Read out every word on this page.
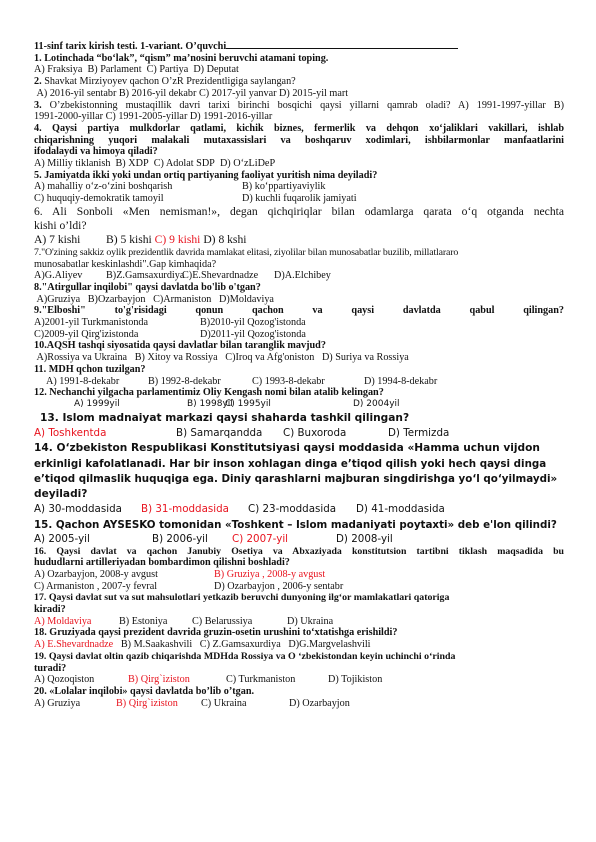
11-sinf tarix kirish testi. 1-variant. O’quvchi
1. Lotinchada “bo‘lak”, “qism” ma’nosini beruvchi atamani toping.
A) Fraksiya B) Parlament C) Partiya D) Deputat
2. Shavkat Mirziyoyev qachon O’zR Prezidentligiga saylangan?
A) 2016-yil sentabr B) 2016-yil dekabr C) 2017-yil yanvar D) 2015-yil mart
3. O’zbekistonning mustaqillik davri tarixi birinchi bosqichi qaysi yillarni qamrab oladi? A) 1991-1997-yillar B)
1991-2000-yillar C) 1991-2005-yillar D) 1991-2016-yillar
4. Qaysi partiya mulkdorlar qatlami, kichik biznes, fermerlik va dehqon xo‘jaliklari vakillari, ishlab
chiqarishning yuqori malakali mutaxassislari va boshqaruv xodimlari, ishbilarmonlar manfaatlarini
ifodalaydi va himoya qiladi?
A) Milliy tiklanish B) XDP C) Adolat SDP D) O‘zLiDeP
5. Jamiyatda ikki yoki undan ortiq partiyaning faoliyat yuritish nima deyiladi?
A) mahalliy o‘z-o‘zini boshqarish	B) ko‘ppartiyaviylik
C) huquqiy-demokratik tamoyil	D) kuchli fuqarolik jamiyati
6. Ali Sonboli «Men nemisman!», degan qichqiriqlar bilan odamlarga qarata o‘q otganda nechta
kishi o’ldi?
A) 7 kishi B) 5 kishi C) 9 kishi D) 8 kshi
7."O'zining sakkiz oylik prezidentlik davrida mamlakat elitasi, ziyolilar bilan munosabatlar buzilib, millatlararo
munosabatlar keskinlashdi".Gap kimhaqida?
A)G.Aliyev B)Z.GamsaxurdiyaC)E.Shevardnadze D)A.Elchibey
8."Atirgullar inqilobi" qaysi davlatda bo'lib o'tgan?
A)Gruziya B)Ozarbayjon C)Armaniston D)Moldaviya
9."Elboshi" to'g'risidagi qonun qachon va qaysi davlatda qabul qilingan?
A)2001-yil Turkmanistonda	B)2010-yil Qozog'istonda
C)2009-yil Qirg'izistonda	D)2011-yil Qozog'istonda
10.AQSH tashqi siyosatida qaysi davlatlar bilan taranglik mavjud?
A)Rossiya va Ukraina B) Xitoy va Rossiya C)Iroq va Afg'oniston D) Suriya va Rossiya
11. MDH qchon tuzilgan?
A) 1991-8-dekabr	B) 1992-8-dekabr	C) 1993-8-dekabr	D) 1994-8-dekabr
12. Nechanchi yilgacha parlamentimiz Oliy Kengash nomi bilan atalib kelingan?
A) 1999yil	B) 1998yilC) 1995yil	D) 2004yil
13. Islom madnaiyat markazi qaysi shaharda tashkil qilingan?
A) Toshkentda	B) Samarqandda C) Buxoroda	D) Termizda
14. O‘zbekiston Respublikasi Konstitutsiyasi qaysi moddasida «Hamma uchun vijdon
erkinligi kafolatlanadi. Har bir inson xohlagan dinga e’tiqod qilish yoki hech qaysi dinga
e’tiqod qilmaslik huquqiga ega. Diniy qarashlarni majburan singdirishga yo‘l qo‘yilmaydi»
deyiladi?
A) 30-moddasida B) 31-moddasida C) 23-moddasida D) 41-moddasida
15. Qachon AYSESKO tomonidan «Toshkent – Islom madaniyati poytaxti» deb e'lon qilindi?
A) 2005-yil	B) 2006-yil C) 2007-yil	D) 2008-yil
16. Qaysi davlat va qachon Janubiy Osetiya va Abxaziyada konstitutsion tartibni tiklash maqsadida bu
hududlarni artilleriyadan bombardimon qilishni boshladi?
A) Ozarbayjon, 2008-y avgust	B) Gruziya , 2008-y avgust
C) Armaniston , 2007-y fevral	D) Ozarbayjon , 2006-y sentabr
17. Qaysi davlat sut va sut mahsulotlari yetkazib beruvchi dunyoning ilg‘or mamlakatlari qatoriga
kiradi?
A) Moldaviya	B) Estoniya C) Belarussiya	D) Ukraina
18. Gruziyada qaysi prezident davrida gruzin-osetin urushini to‘xtatishga erishildi?
A) E.Shevardnadze B) M.Saakashvili C) Z.Gamsaxurdiya D)G.Margvelashvili
19. Qaysi davlat oltin qazib chiqarishda MDHda Rossiya va O ‘zbekistondan keyin uchinchi o‘rinda
turadi?
A) Qozoqiston	B) Qirg`iziston	C) Turkmaniston	D) Tojikiston
20. «Lolalar inqilobi» qaysi davlatda bo’lib o’tgan.
A) Gruziya	B) Qirg`iziston C) Ukraina	D) Ozarbayjon
